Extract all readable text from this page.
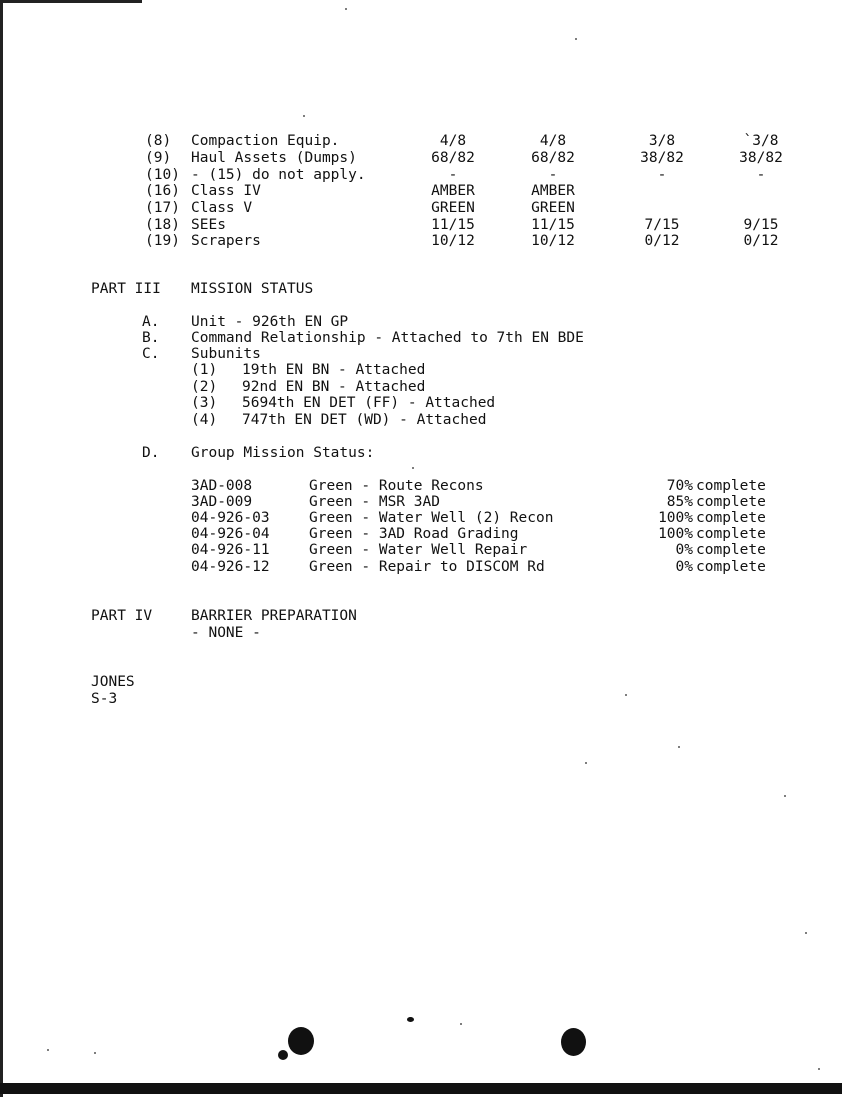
(8) Compaction Equip.	4/8	4/8	3/8	`3/8
(9) Haul Assets (Dumps)	68/82	68/82	38/82	38/82
(10) - (15) do not apply.	-	-	-	-
(16) Class IV	AMBER	AMBER
(17) Class V	GREEN	GREEN
(18) SEEs	11/15	11/15	7/15	9/15
(19) Scrapers	10/12	10/12	0/12	0/12
PART III MISSION STATUS
A. Unit - 926th EN GP
B. Command Relationship - Attached to 7th EN BDE
C. Subunits
(1) 19th EN BN - Attached
(2) 92nd EN BN - Attached
(3) 5694th EN DET (FF) - Attached
(4) 747th EN DET (WD) - Attached
D. Group Mission Status:
3AD-008	Green - Route Recons	70% complete
3AD-009	Green - MSR 3AD	85% complete
04-926-03	Green - Water Well (2) Recon	100% complete
04-926-04	Green - 3AD Road Grading	100% complete
04-926-11	Green - Water Well Repair	0% complete
04-926-12	Green - Repair to DISCOM Rd	0% complete
PART IV	BARRIER PREPARATION
- NONE -
JONES
S-3
